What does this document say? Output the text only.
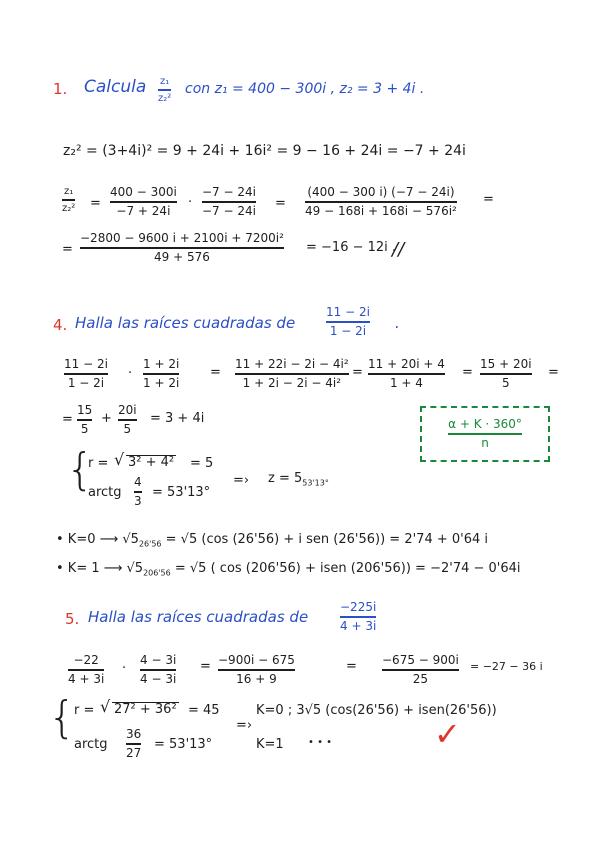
1. Calcula z₁
z₂²
con z₁ = 400 − 300i , z₂ = 3 + 4i .
z₂² = (3+4i)² = 9 + 24i + 16i² = 9 − 16 + 24i = −7 + 24i
z₁
z₂² =
400 − 300i
−7 + 24i
·
−7 − 24i
−7 − 24i =
(400 − 300 i) (−7 − 24i)
49 − 168i + 168i − 576i²
=
=
−2800 − 9600 i + 2100i + 7200i²
49 + 576
= −16 − 12i .
//
4. Halla las raíces cuadradas de
11 − 2i
1 − 2i .
11 − 2i
1 − 2i
·
1 + 2i
1 + 2i
=
11 + 22i − 2i − 4i²
1 + 2i − 2i − 4i²
=
11 + 20i + 4
1 + 4
=
15 + 20i
5
=
=
15
5
+
20i
5
= 3 + 4i	$\frac{\alpha + K \cdot 360^\circ}{n}$
{
r = √ 3² + 4² = 5
arctg
4
3
= 53'13°
=› $z = 5_{53'13^\circ}$
• K=0 ⟶ $√5_{26'56} = √5$ (cos (26'56) + i sen (26'56)) = 2'74 + 0'64 i
• K= 1 ⟶ $√5_{206'56} = √5$ ( cos (206'56) + isen (206'56)) = −2'74 − 0'64i
5. Halla las raíces cuadradas de
−225i
4 + 3i
−22
4 + 3i
·
4 − 3i
4 − 3i
= −900i − 675
16 + 9
= −675 − 900i
25
= −27 − 36 i
{
r = √ 27² + 36² = 45
arctg
36
27
= 53'13°
=›
K=0 ; 3√5 (cos(26'56) + isen(26'56))
K=1 • • •	✓
